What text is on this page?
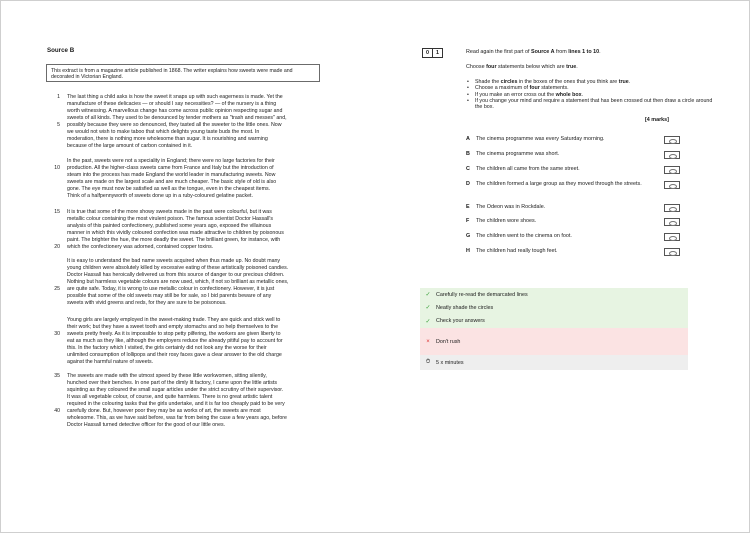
Source B
This extract is from a magazine article published in 1868. The writer explains how sweets were made and decorated in Victorian England.
1 The last thing a child asks is how the sweet it snaps up with such eagerness is made. Yet the
manufacture of these delicacies — or should I say necessities? — of the nursery is a thing
worth witnessing. A marvellous change has come across public opinion respecting sugar and
sweets of all kinds. They used to be denounced by tender mothers as "trash and messes" and,
5 possibly because they were so denounced, they tasted all the sweeter to the little ones. Now
we would not wish to make taboo that which delights young taste buds the most. In
moderation, there is nothing more wholesome than sugar. It is nourishing and warming
because of the large amount of carbon contained in it.
In the past, sweets were not a speciality in England; there were no large factories for their
10 production. All the higher-class sweets came from France and Italy but the introduction of
steam into the process has made England the world leader in manufacturing sweets. Now
sweets are made on the largest scale and are much cheaper. The basic style of old is also
gone. The eye must now be satisfied as well as the tongue, even in the cheapest items.
Think of a halfpennyworth of sweets done up in a ruby-coloured gelatine packet.
15 It is true that some of the more showy sweets made in the past were colourful, but it was
metallic colour containing the most virulent poison. The famous scientist Doctor Hassall's
analysis of this painted confectionery, published some years ago, exposed the villainous
manner in which this vividly coloured confection was made attractive to children by poisonous
paint. The brighter the hue, the more deadly the sweet. The brilliant green, for instance, with
20 which the confectionery was adorned, contained copper toxins.
It is easy to understand the bad name sweets acquired when thus made up. No doubt many
young children were absolutely killed by excessive eating of these artistically poisoned candies.
Doctor Hassall has heroically delivered us from this source of danger to our precious children.
Nothing but harmless vegetable colours are now used, which, if not so brilliant as metallic ones,
25 are quite safe. Today, it is wrong to use metallic colour in confectionery. However, it is just
possible that some of the old sweets may still be for sale, so I bid parents beware of any
sweets with vivid greens and reds, for they are sure to be poisonous.
Young girls are largely employed in the sweet-making trade. They are quick and stick well to
their work; but they have a sweet tooth and empty stomachs and so help themselves to the
30 sweets pretty freely. As it is impossible to stop petty pilfering, the workers are given liberty to
eat as much as they like, although the employers reduce the already pitiful pay to account for
this. In the factory which I visited, the girls certainly did not look any the worse for their
unlimited consumption of lollipops and their rosy faces gave a clear answer to the old charge
against the harmful nature of sweets.
35 The sweets are made with the utmost speed by these little workwomen, sitting silently,
hunched over their benches. In one part of the dimly lit factory, I came upon the little artists
squinting as they coloured the small sugar articles under the strict scrutiny of their supervisor.
It was all vegetable colour, of course, and quite harmless. There is no great artistic talent
required in the colouring tasks that the girls undertake, and it is far too cheaply paid to be very
40 carefully done. But, however poor they may be as works of art, the sweets are most
wholesome. This, as we have said before, was far from being the case a few years ago, before
Doctor Hassall turned detective officer for the good of our little ones.
0	1	Read again the first part of Source A from lines 1 to 10.
Choose four statements below which are true.
• Shade the circles in the boxes of the ones that you think are true.
• Choose a maximum of four statements.
• If you make an error cross out the whole box.
• If you change your mind and require a statement that has been crossed out then draw a circle around the box.
[4 marks]
A	The cinema programme was every Saturday morning.
B	The cinema programme was short.
C	The children all came from the same street.
D	The children formed a large group as they moved through the streets.
E	The Odeon was in Rockdale.
F	The children wore shoes.
G	The children went to the cinema on foot.
H	The children had really tough feet.
✓	Carefully re-read the demarcated lines
✓	Neatly shade the circles
✓	Check your answers
×	Don't rush
⏱	5 x minutes
